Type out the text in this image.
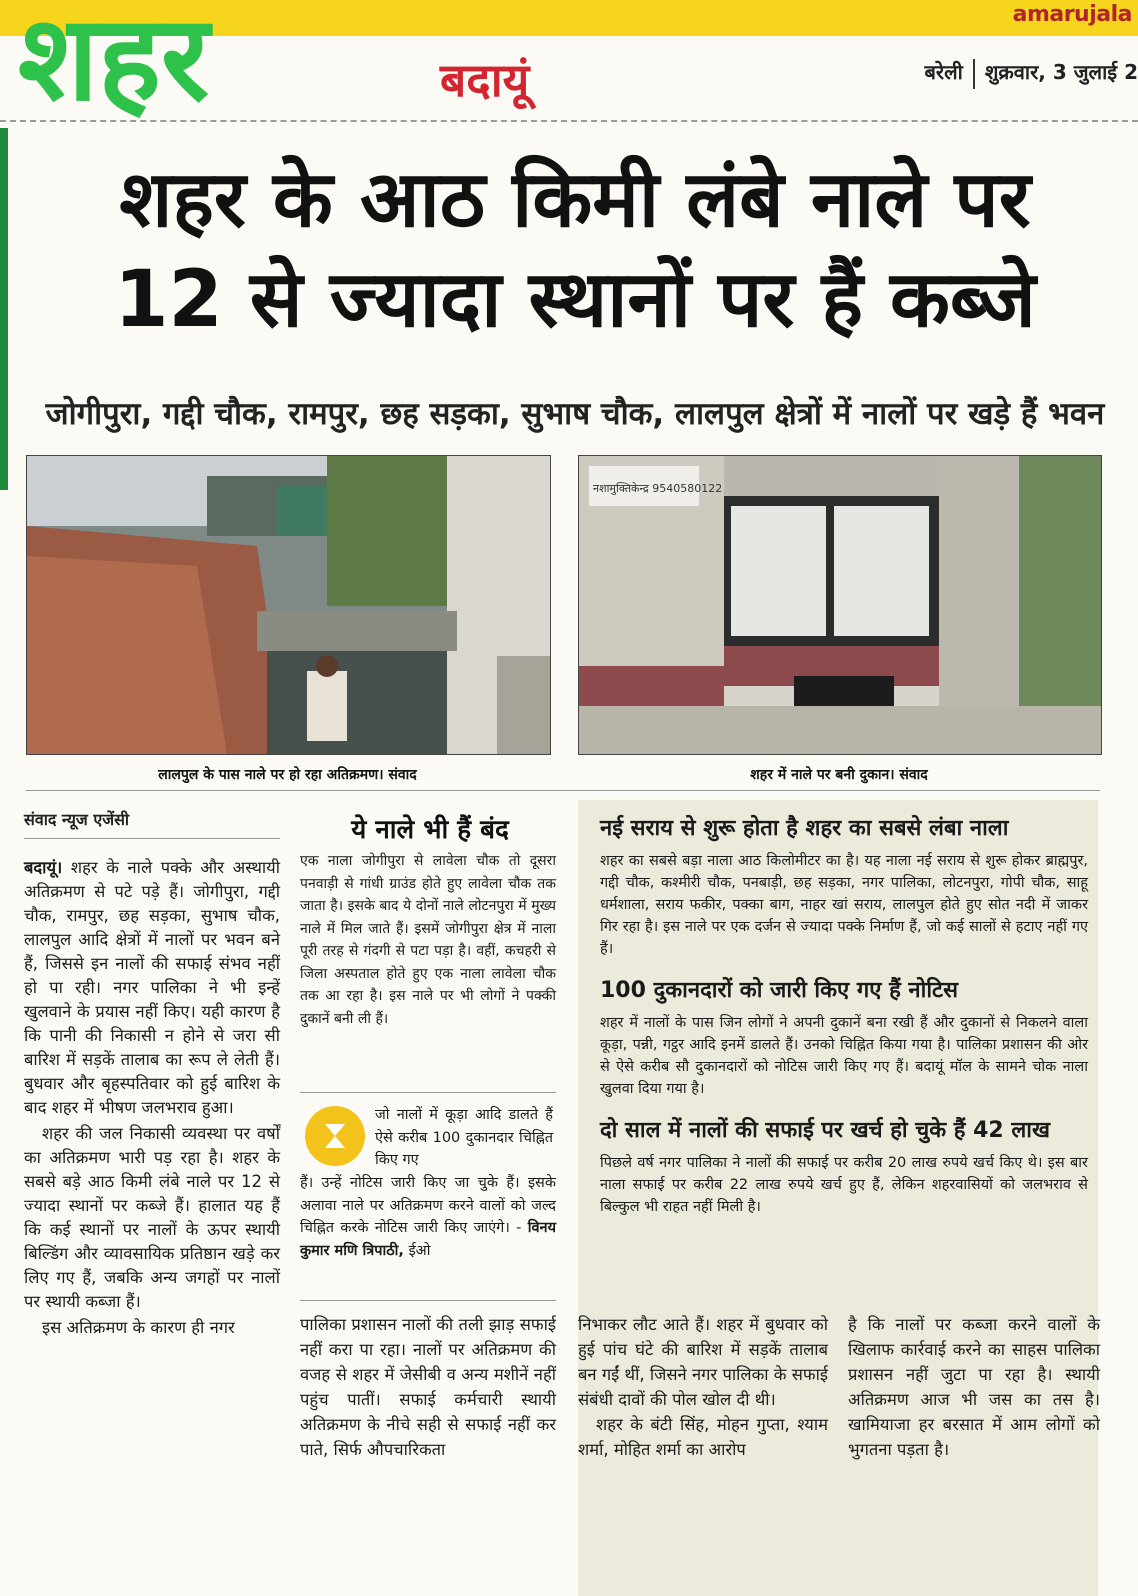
amarujala
शहर	बदायूं	बरेली शुक्रवार, 3 जुलाई 2
शहर के आठ किमी लंबे नाले पर
12 से ज्यादा स्थानों पर हैं कब्जे
जोगीपुरा, गद्दी चौक, रामपुर, छह सड़का, सुभाष चौक, लालपुल क्षेत्रों में नालों पर खड़े हैं भवन
लालपुल के पास नाले पर हो रहा अतिक्रमण। संवाद
नशामुक्तिकेन्द्र 9540580122
शहर में नाले पर बनी दुकान। संवाद
संवाद न्यूज एजेंसी

बदायूं। शहर के नाले पक्के और अस्थायी अतिक्रमण से पटे पड़े हैं। जोगीपुरा, गद्दी चौक, रामपुर, छह सड़का, सुभाष चौक, लालपुल आदि क्षेत्रों में नालों पर भवन बने हैं, जिससे इन नालों की सफाई संभव नहीं हो पा रही। नगर पालिका ने भी इन्हें खुलवाने के प्रयास नहीं किए। यही कारण है कि पानी की निकासी न होने से जरा सी बारिश में सड़कें तालाब का रूप ले लेती हैं। बुधवार और बृहस्पतिवार को हुई बारिश के बाद शहर में भीषण जलभराव हुआ।

शहर की जल निकासी व्यवस्था पर वर्षों का अतिक्रमण भारी पड़ रहा है। शहर के सबसे बड़े आठ किमी लंबे नाले पर 12 से ज्यादा स्थानों पर कब्जे हैं। हालात यह हैं कि कई स्थानों पर नालों के ऊपर स्थायी बिल्डिंग और व्यावसायिक प्रतिष्ठान खड़े कर लिए गए हैं, जबकि अन्य जगहों पर नालों पर स्थायी कब्जा हैं।

इस अतिक्रमण के कारण ही नगर

ये नाले भी हैं बंद
एक नाला जोगीपुरा से लावेला चौक तो दूसरा पनवाड़ी से गांधी ग्राउंड होते हुए लावेला चौक तक जाता है। इसके बाद ये दोनों नाले लोटनपुरा में मुख्य नाले में मिल जाते हैं। इसमें जोगीपुरा क्षेत्र में नाला पूरी तरह से गंदगी से पटा पड़ा है। वहीं, कचहरी से जिला अस्पताल होते हुए एक नाला लावेला चौक तक आ रहा है। इस नाले पर भी लोगों ने पक्की दुकानें बनी ली हैं।
जो नालों में कूड़ा आदि डालते हैं ऐसे करीब 100 दुकानदार चिह्नित किए गए
हैं। उन्हें नोटिस जारी किए जा चुके हैं। इसके अलावा नाले पर अतिक्रमण करने वालों को जल्द चिह्नित करके नोटिस जारी किए जाएंगे। - विनय कुमार मणि त्रिपाठी, ईओ
नई सराय से शुरू होता है शहर का सबसे लंबा नाला
शहर का सबसे बड़ा नाला आठ किलोमीटर का है। यह नाला नई सराय से शुरू होकर ब्राह्मपुर, गद्दी चौक, कश्मीरी चौक, पनबाड़ी, छह सड़का, नगर पालिका, लोटनपुरा, गोपी चौक, साहू धर्मशाला, सराय फकीर, पक्का बाग, नाहर खां सराय, लालपुल होते हुए सोत नदी में जाकर गिर रहा है। इस नाले पर एक दर्जन से ज्यादा पक्के निर्माण हैं, जो कई सालों से हटाए नहीं गए हैं।
100 दुकानदारों को जारी किए गए हैं नोटिस
शहर में नालों के पास जिन लोगों ने अपनी दुकानें बना रखी हैं और दुकानों से निकलने वाला कूड़ा, पन्नी, गट्ठर आदि इनमें डालते हैं। उनको चिह्नित किया गया है। पालिका प्रशासन की ओर से ऐसे करीब सौ दुकानदारों को नोटिस जारी किए गए हैं। बदायूं मॉल के सामने चोक नाला खुलवा दिया गया है।
दो साल में नालों की सफाई पर खर्च हो चुके हैं 42 लाख
पिछले वर्ष नगर पालिका ने नालों की सफाई पर करीब 20 लाख रुपये खर्च किए थे। इस बार नाला सफाई पर करीब 22 लाख रुपये खर्च हुए हैं, लेकिन शहरवासियों को जलभराव से बिल्कुल भी राहत नहीं मिली है।

पालिका प्रशासन नालों की तली झाड़ सफाई नहीं करा पा रहा। नालों पर अतिक्रमण की वजह से शहर में जेसीबी व अन्य मशीनें नहीं पहुंच पातीं। सफाई कर्मचारी स्थायी अतिक्रमण के नीचे सही से सफाई नहीं कर पाते, सिर्फ औपचारिकता

निभाकर लौट आते हैं। शहर में बुधवार को हुई पांच घंटे की बारिश में सड़कें तालाब बन गईं थीं, जिसने नगर पालिका के सफाई संबंधी दावों की पोल खोल दी थी।

शहर के बंटी सिंह, मोहन गुप्ता, श्याम शर्मा, मोहित शर्मा का आरोप

है कि नालों पर कब्जा करने वालों के खिलाफ कार्रवाई करने का साहस पालिका प्रशासन नहीं जुटा पा रहा है। स्थायी अतिक्रमण आज भी जस का तस है। खामियाजा हर बरसात में आम लोगों को भुगतना पड़ता है।
